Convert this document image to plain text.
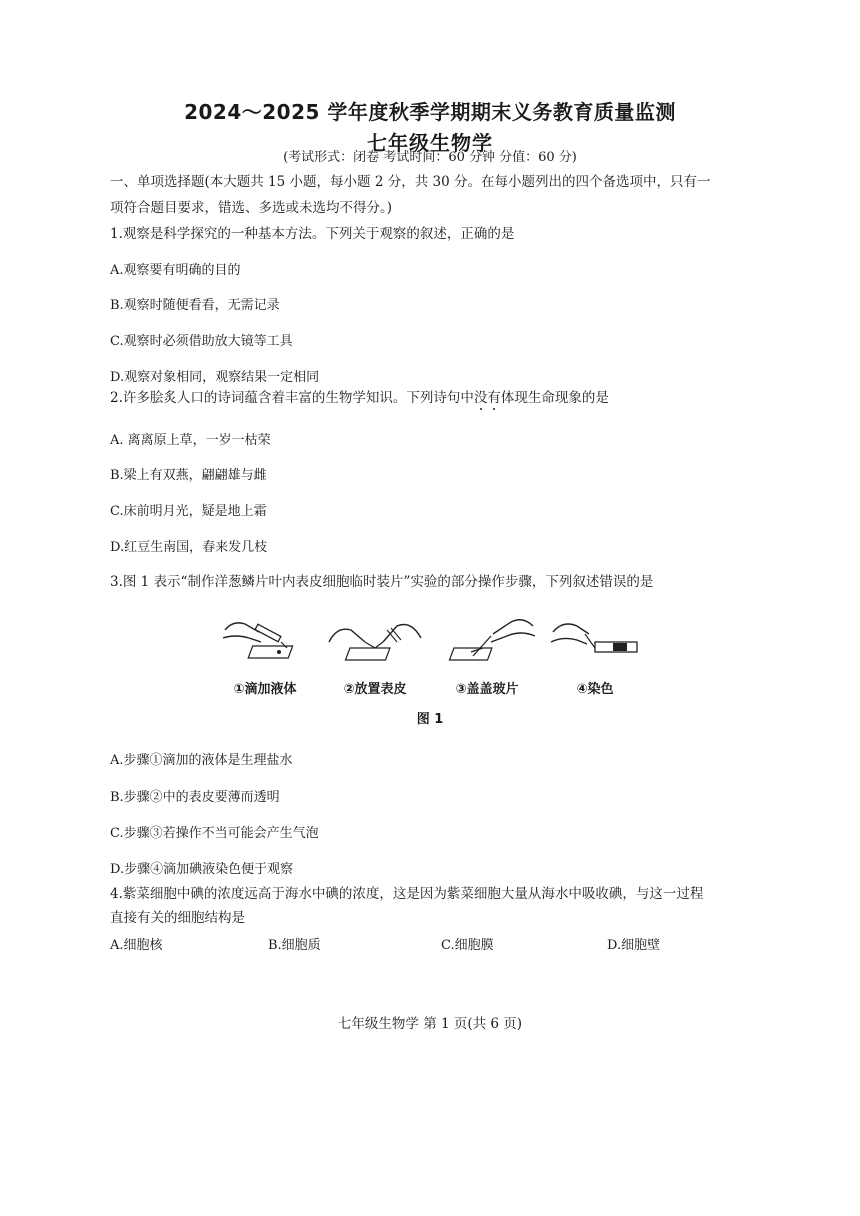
2024～2025 学年度秋季学期期末义务教育质量监测
七年级生物学
(考试形式：闭卷 考试时间：60 分钟 分值：60 分)
一、单项选择题(本大题共 15 小题，每小题 2 分，共 30 分。在每小题列出的四个备选项中，只有一
项符合题目要求，错选、多选或未选均不得分。)
1.观察是科学探究的一种基本方法。下列关于观察的叙述，正确的是
A.观察要有明确的目的
B.观察时随便看看，无需记录
C.观察时必须借助放大镜等工具
D.观察对象相同，观察结果一定相同
2.许多脍炙人口的诗词蕴含着丰富的生物学知识。下列诗句中没有体现生命现象的是
A. 离离原上草，一岁一枯荣
B.梁上有双燕，翩翩雄与雌
C.床前明月光，疑是地上霜
D.红豆生南国，春来发几枝
3.图 1 表示“制作洋葱鳞片叶内表皮细胞临时装片”实验的部分操作步骤，下列叙述错误的是
①滴加液体	②放置表皮	③盖盖玻片	④染色
图 1
A.步骤①滴加的液体是生理盐水
B.步骤②中的表皮要薄而透明
C.步骤③若操作不当可能会产生气泡
D.步骤④滴加碘液染色便于观察
4.紫菜细胞中碘的浓度远高于海水中碘的浓度，这是因为紫菜细胞大量从海水中吸收碘，与这一过程
直接有关的细胞结构是
A.细胞核	B.细胞质	C.细胞膜	D.细胞壁
七年级生物学 第 1 页(共 6 页)
